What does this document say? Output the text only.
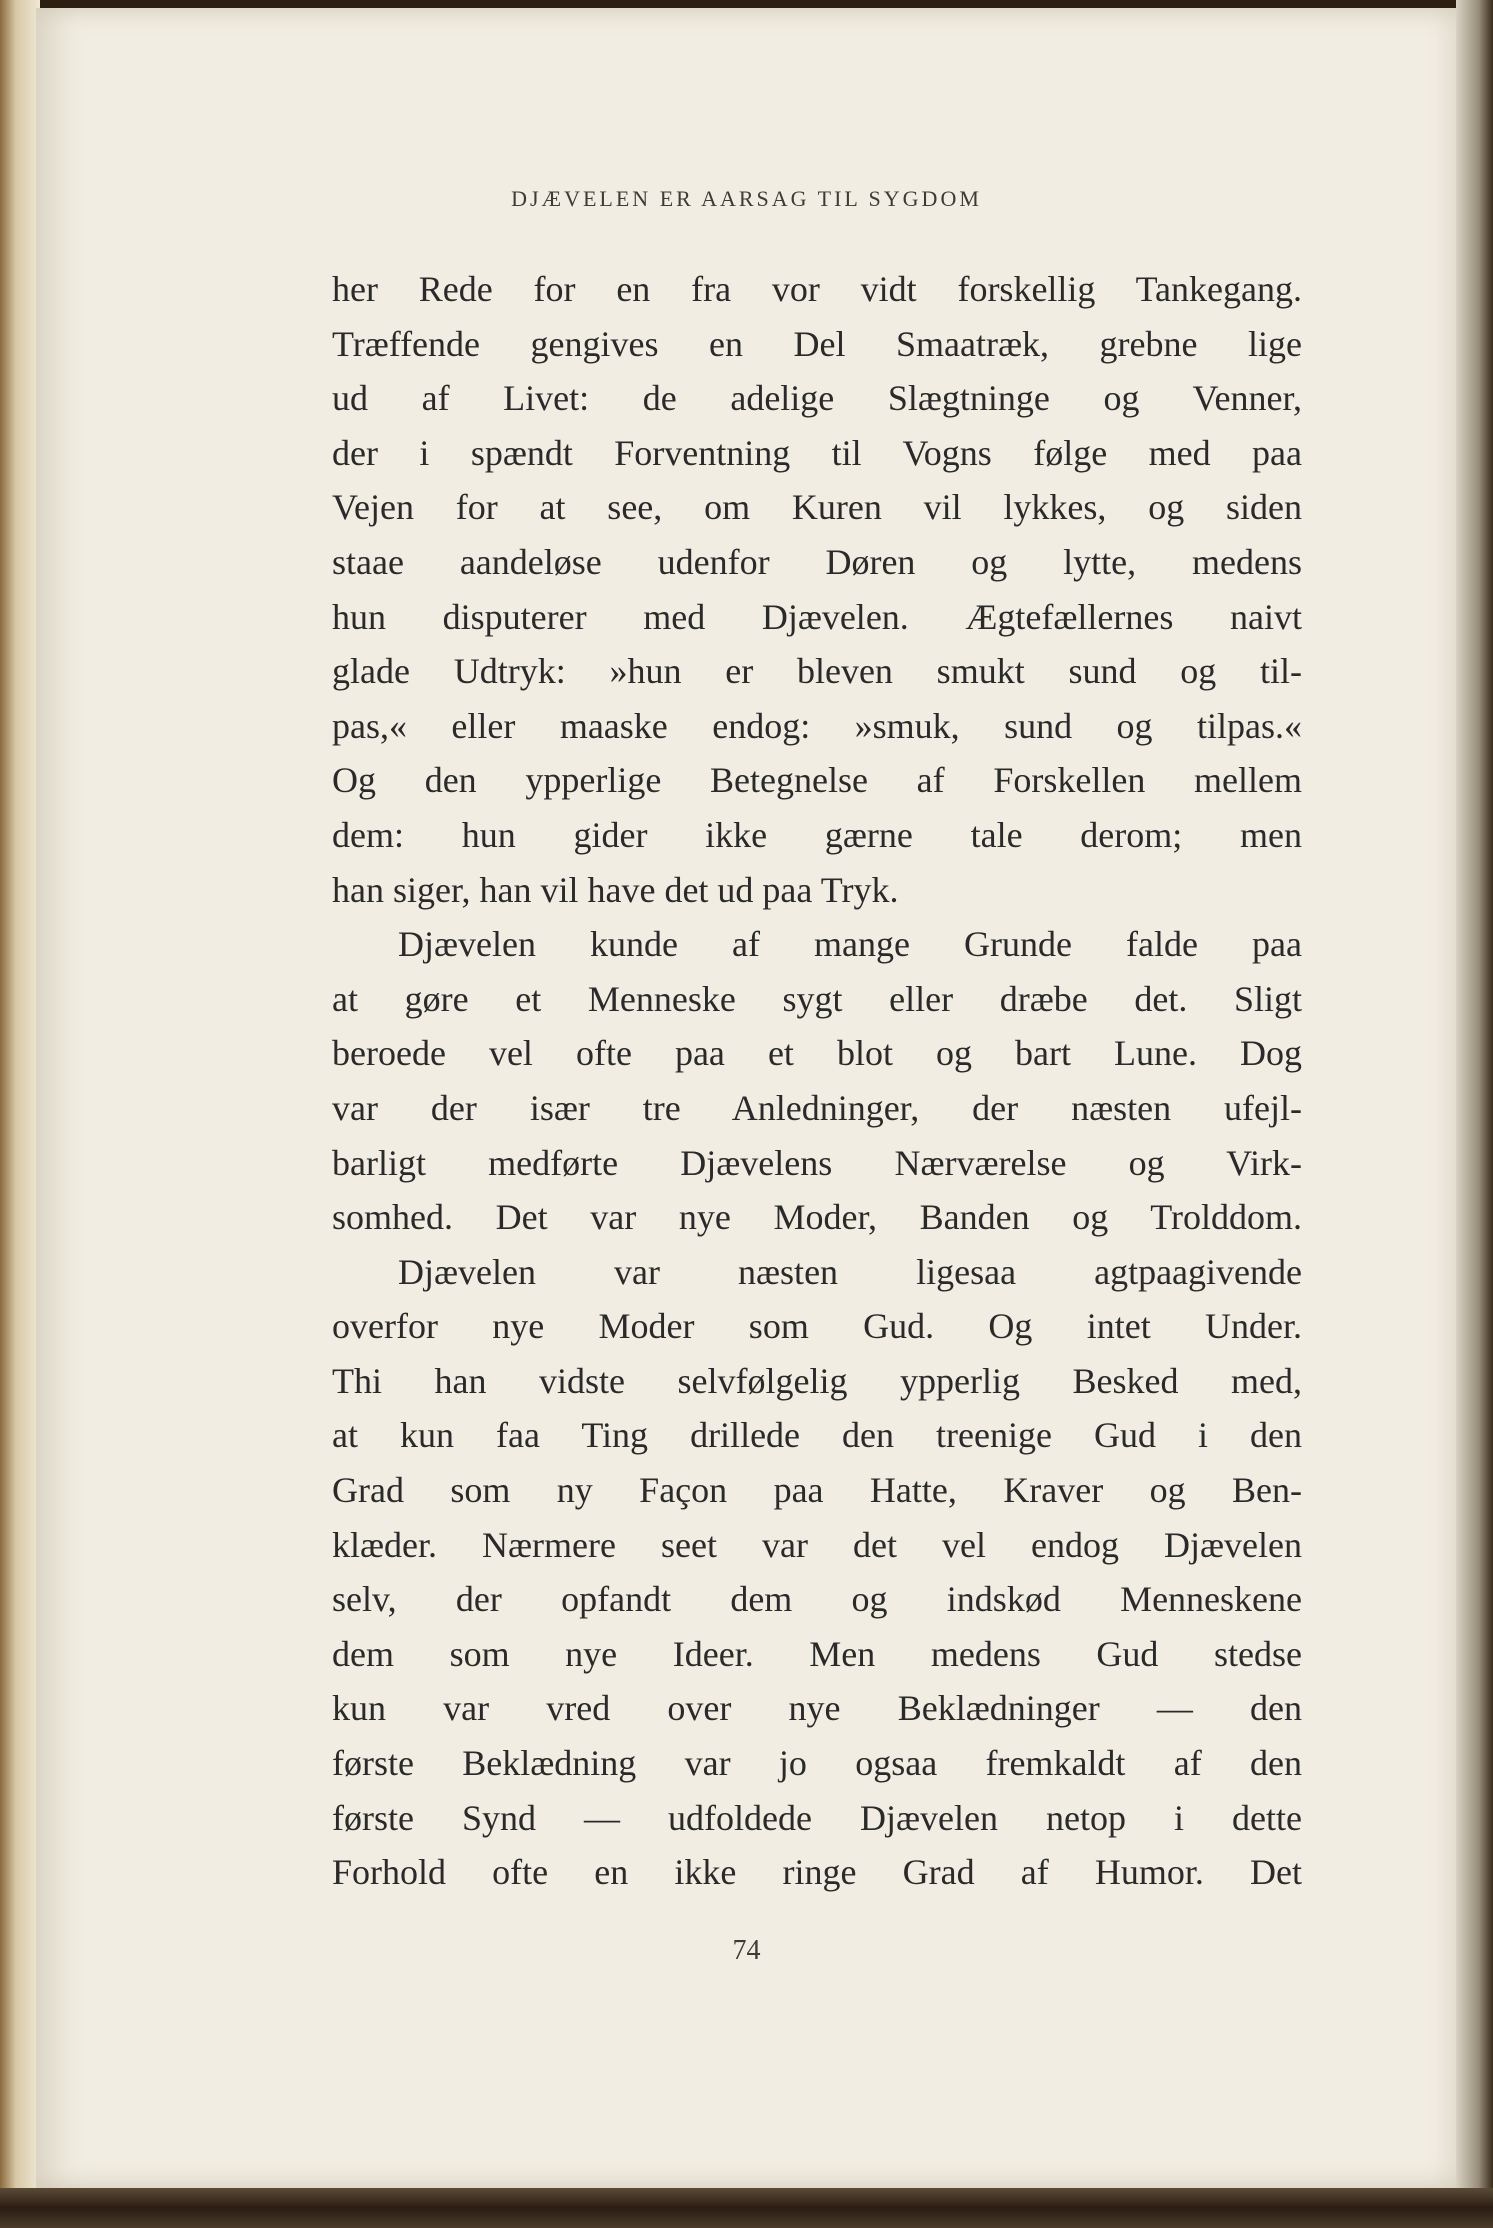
DJÆVELEN ER AARSAG TIL SYGDOM
her Rede for en fra vor vidt forskellig Tankegang.
Træffende gengives en Del Smaatræk, grebne lige
ud af Livet: de adelige Slægtninge og Venner,
der i spændt Forventning til Vogns følge med paa
Vejen for at see, om Kuren vil lykkes, og siden
staae aandeløse udenfor Døren og lytte, medens
hun disputerer med Djævelen. Ægtefællernes naivt
glade Udtryk: »hun er bleven smukt sund og til-
pas,« eller maaske endog: »smuk, sund og tilpas.«
Og den ypperlige Betegnelse af Forskellen mellem
dem: hun gider ikke gærne tale derom; men
han siger, han vil have det ud paa Tryk.
Djævelen kunde af mange Grunde falde paa
at gøre et Menneske sygt eller dræbe det. Sligt
beroede vel ofte paa et blot og bart Lune. Dog
var der især tre Anledninger, der næsten ufejl-
barligt medførte Djævelens Nærværelse og Virk-
somhed. Det var nye Moder, Banden og Trolddom.
Djævelen var næsten ligesaa agtpaagivende
overfor nye Moder som Gud. Og intet Under.
Thi han vidste selvfølgelig ypperlig Besked med,
at kun faa Ting drillede den treenige Gud i den
Grad som ny Façon paa Hatte, Kraver og Ben-
klæder. Nærmere seet var det vel endog Djævelen
selv, der opfandt dem og indskød Menneskene
dem som nye Ideer. Men medens Gud stedse
kun var vred over nye Beklædninger — den
første Beklædning var jo ogsaa fremkaldt af den
første Synd — udfoldede Djævelen netop i dette
Forhold ofte en ikke ringe Grad af Humor. Det
74
